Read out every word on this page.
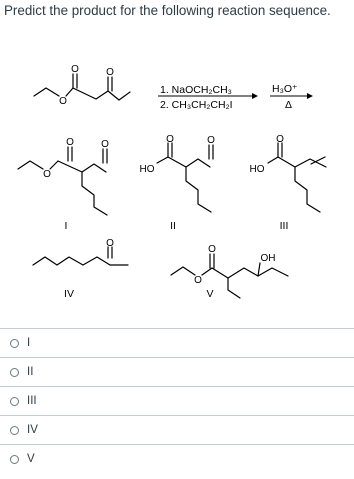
Predict the product for the following reaction sequence.
O
O	O
1. NaOCH₂CH₃
2. CH₃CH₂CH₂I
H₃O⁺
Δ
O
O	O
HO
O	O
HO
O
I	II	III
O
IV
O
O
OH
V
I
II
III
IV
V
